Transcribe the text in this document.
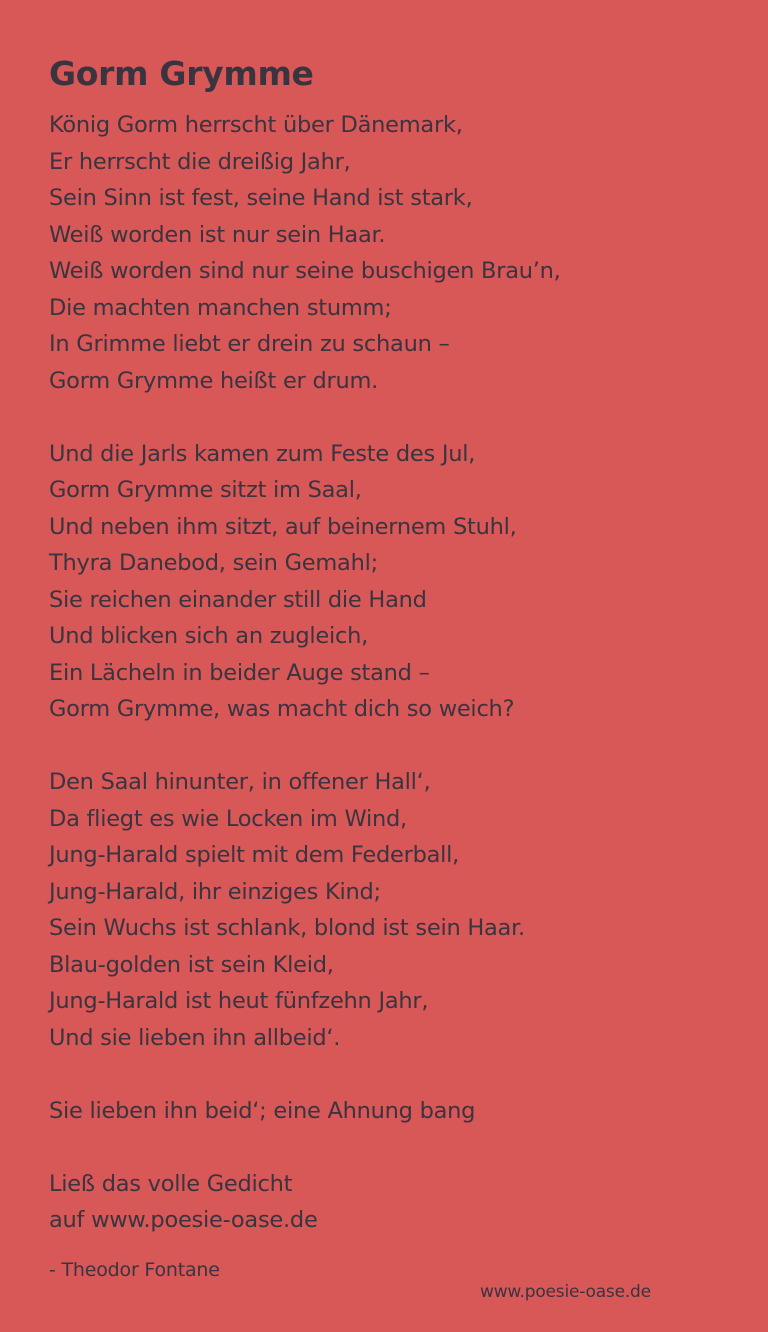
Gorm Grymme

König Gorm herrscht über Dänemark,
Er herrscht die dreißig Jahr,
Sein Sinn ist fest, seine Hand ist stark,
Weiß worden ist nur sein Haar.
Weiß worden sind nur seine buschigen Brau’n,
Die machten manchen stumm;
In Grimme liebt er drein zu schaun –
Gorm Grymme heißt er drum.

Und die Jarls kamen zum Feste des Jul,
Gorm Grymme sitzt im Saal,
Und neben ihm sitzt, auf beinernem Stuhl,
Thyra Danebod, sein Gemahl;
Sie reichen einander still die Hand
Und blicken sich an zugleich,
Ein Lächeln in beider Auge stand –
Gorm Grymme, was macht dich so weich?

Den Saal hinunter, in offener Hall‘,
Da fliegt es wie Locken im Wind,
Jung-Harald spielt mit dem Federball,
Jung-Harald, ihr einziges Kind;
Sein Wuchs ist schlank, blond ist sein Haar.
Blau-golden ist sein Kleid,
Jung-Harald ist heut fünfzehn Jahr,
Und sie lieben ihn allbeid‘.

Sie lieben ihn beid‘; eine Ahnung bang

Ließ das volle Gedicht
auf www.poesie-oase.de

- Theodor Fontane
www.poesie-oase.de
